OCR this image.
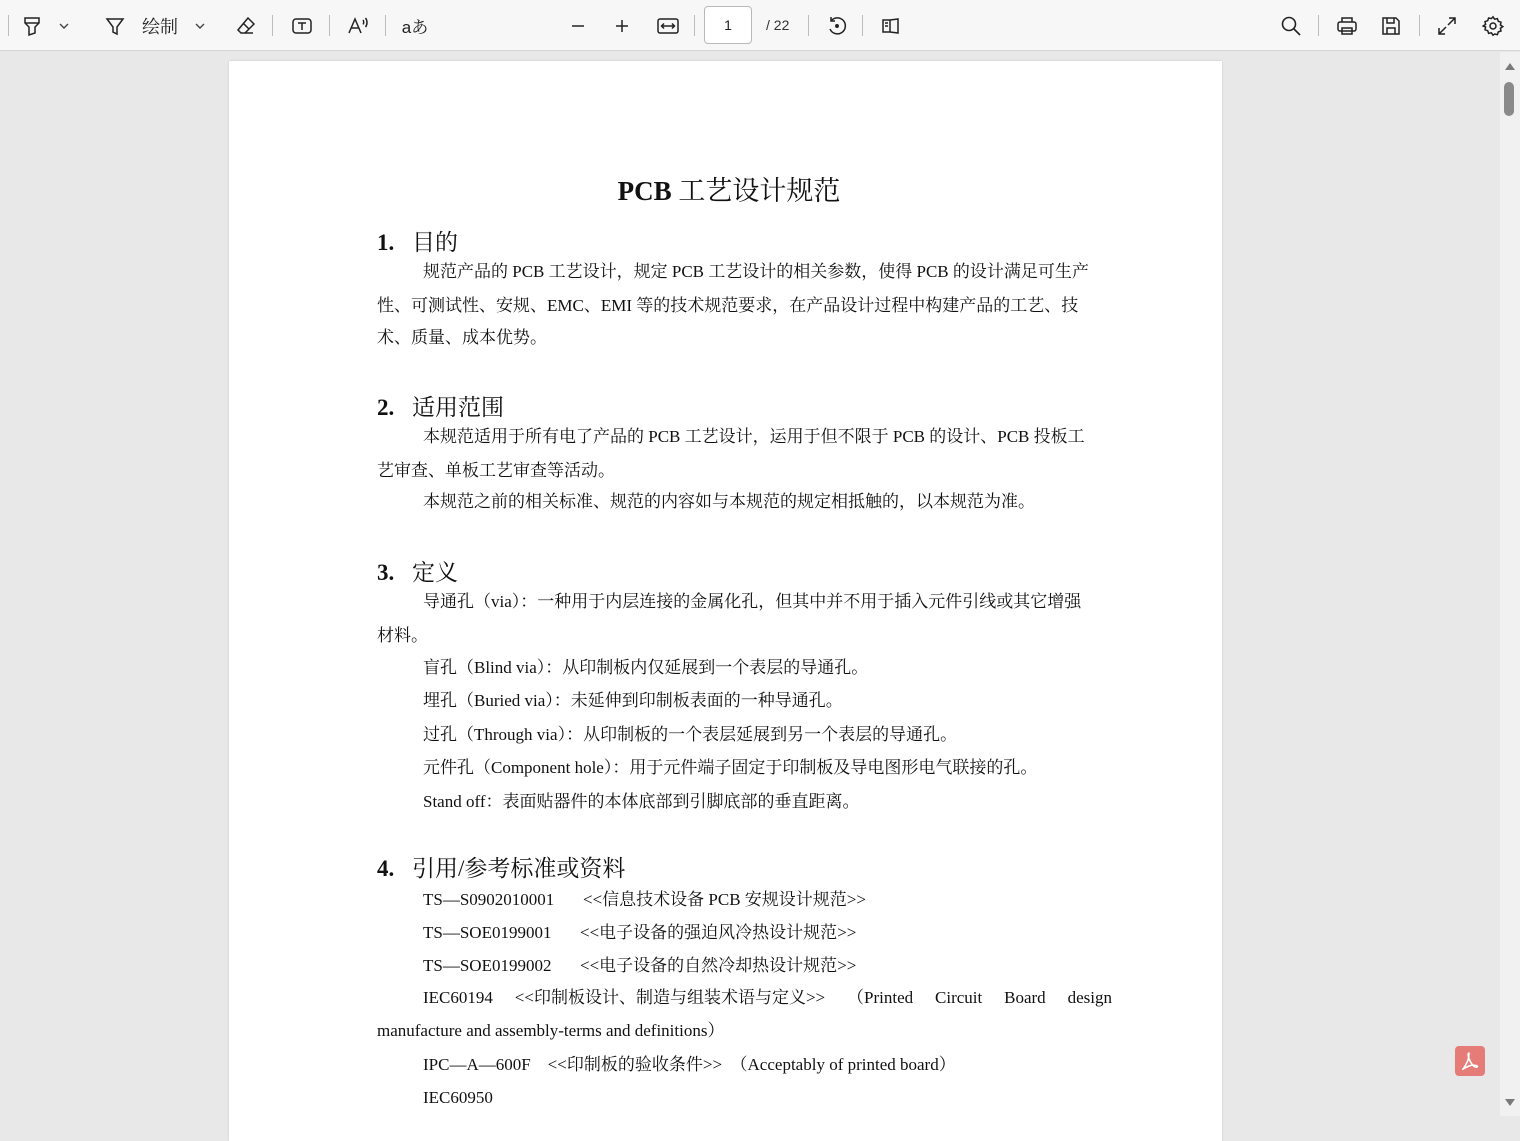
绘制	aあ
1	/ 22
PCB 工艺设计规范
1. 目的
规范产品的 PCB 工艺设计，规定 PCB 工艺设计的相关参数，使得 PCB 的设计满足可生产
性、可测试性、安规、EMC、EMI 等的技术规范要求，在产品设计过程中构建产品的工艺、技
术、质量、成本优势。
2. 适用范围
本规范适用于所有电了产品的 PCB 工艺设计，运用于但不限于 PCB 的设计、PCB 投板工
艺审查、单板工艺审查等活动。
本规范之前的相关标准、规范的内容如与本规范的规定相抵触的，以本规范为准。
3. 定义
导通孔（via）：一种用于内层连接的金属化孔，但其中并不用于插入元件引线或其它增强
材料。
盲孔（Blind via）：从印制板内仅延展到一个表层的导通孔。
埋孔（Buried via）：未延伸到印制板表面的一种导通孔。
过孔（Through via）：从印制板的一个表层延展到另一个表层的导通孔。
元件孔（Component hole）：用于元件端子固定于印制板及导电图形电气联接的孔。
Stand off：表面贴器件的本体底部到引脚底部的垂直距离。
4. 引用/参考标准或资料
TS—S0902010001 <<信息技术设备 PCB 安规设计规范>>
TS—SOE0199001 <<电子设备的强迫风冷热设计规范>>
TS—SOE0199002 <<电子设备的自然冷却热设计规范>>
IEC60194 <<印制板设计、制造与组装术语与定义>> （Printed Circuit Board design
manufacture and assembly-terms and definitions）
IPC—A—600F　<<印制板的验收条件>>　（Acceptably of printed board）
IEC60950
